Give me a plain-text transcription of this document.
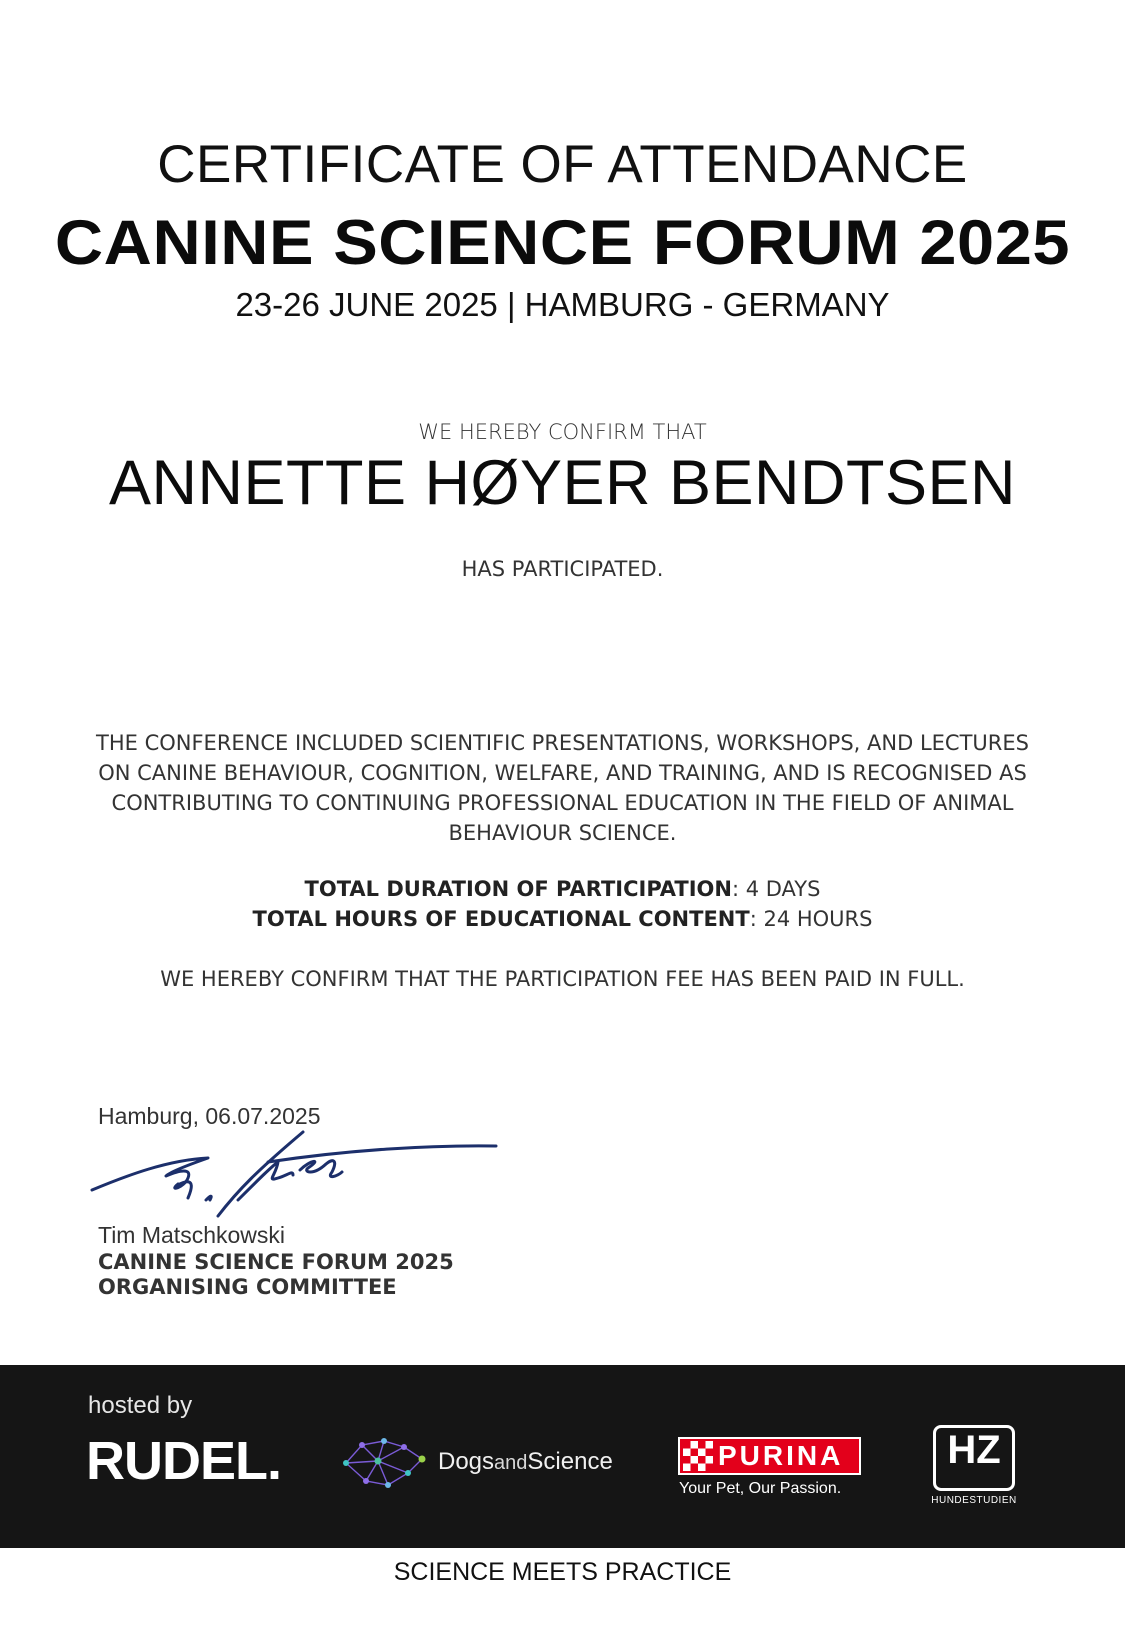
CERTIFICATE OF ATTENDANCE
CANINE SCIENCE FORUM 2025
23-26 JUNE 2025 | HAMBURG - GERMANY
WE HEREBY CONFIRM THAT
ANNETTE HØYER BENDTSEN
HAS PARTICIPATED.
THE CONFERENCE INCLUDED SCIENTIFIC PRESENTATIONS, WORKSHOPS, AND LECTURES ON CANINE BEHAVIOUR, COGNITION, WELFARE, AND TRAINING, AND IS RECOGNISED AS CONTRIBUTING TO CONTINUING PROFESSIONAL EDUCATION IN THE FIELD OF ANIMAL BEHAVIOUR SCIENCE.
TOTAL DURATION OF PARTICIPATION: 4 DAYS
TOTAL HOURS OF EDUCATIONAL CONTENT: 24 HOURS
WE HEREBY CONFIRM THAT THE PARTICIPATION FEE HAS BEEN PAID IN FULL.
Hamburg, 06.07.2025
Tim Matschkowski
CANINE SCIENCE FORUM 2025
ORGANISING COMMITTEE
hosted by
RUDEL.	DogsandScience	PURINA
Your Pet, Our Passion.
HZ
HUNDESTUDIEN
SCIENCE MEETS PRACTICE
